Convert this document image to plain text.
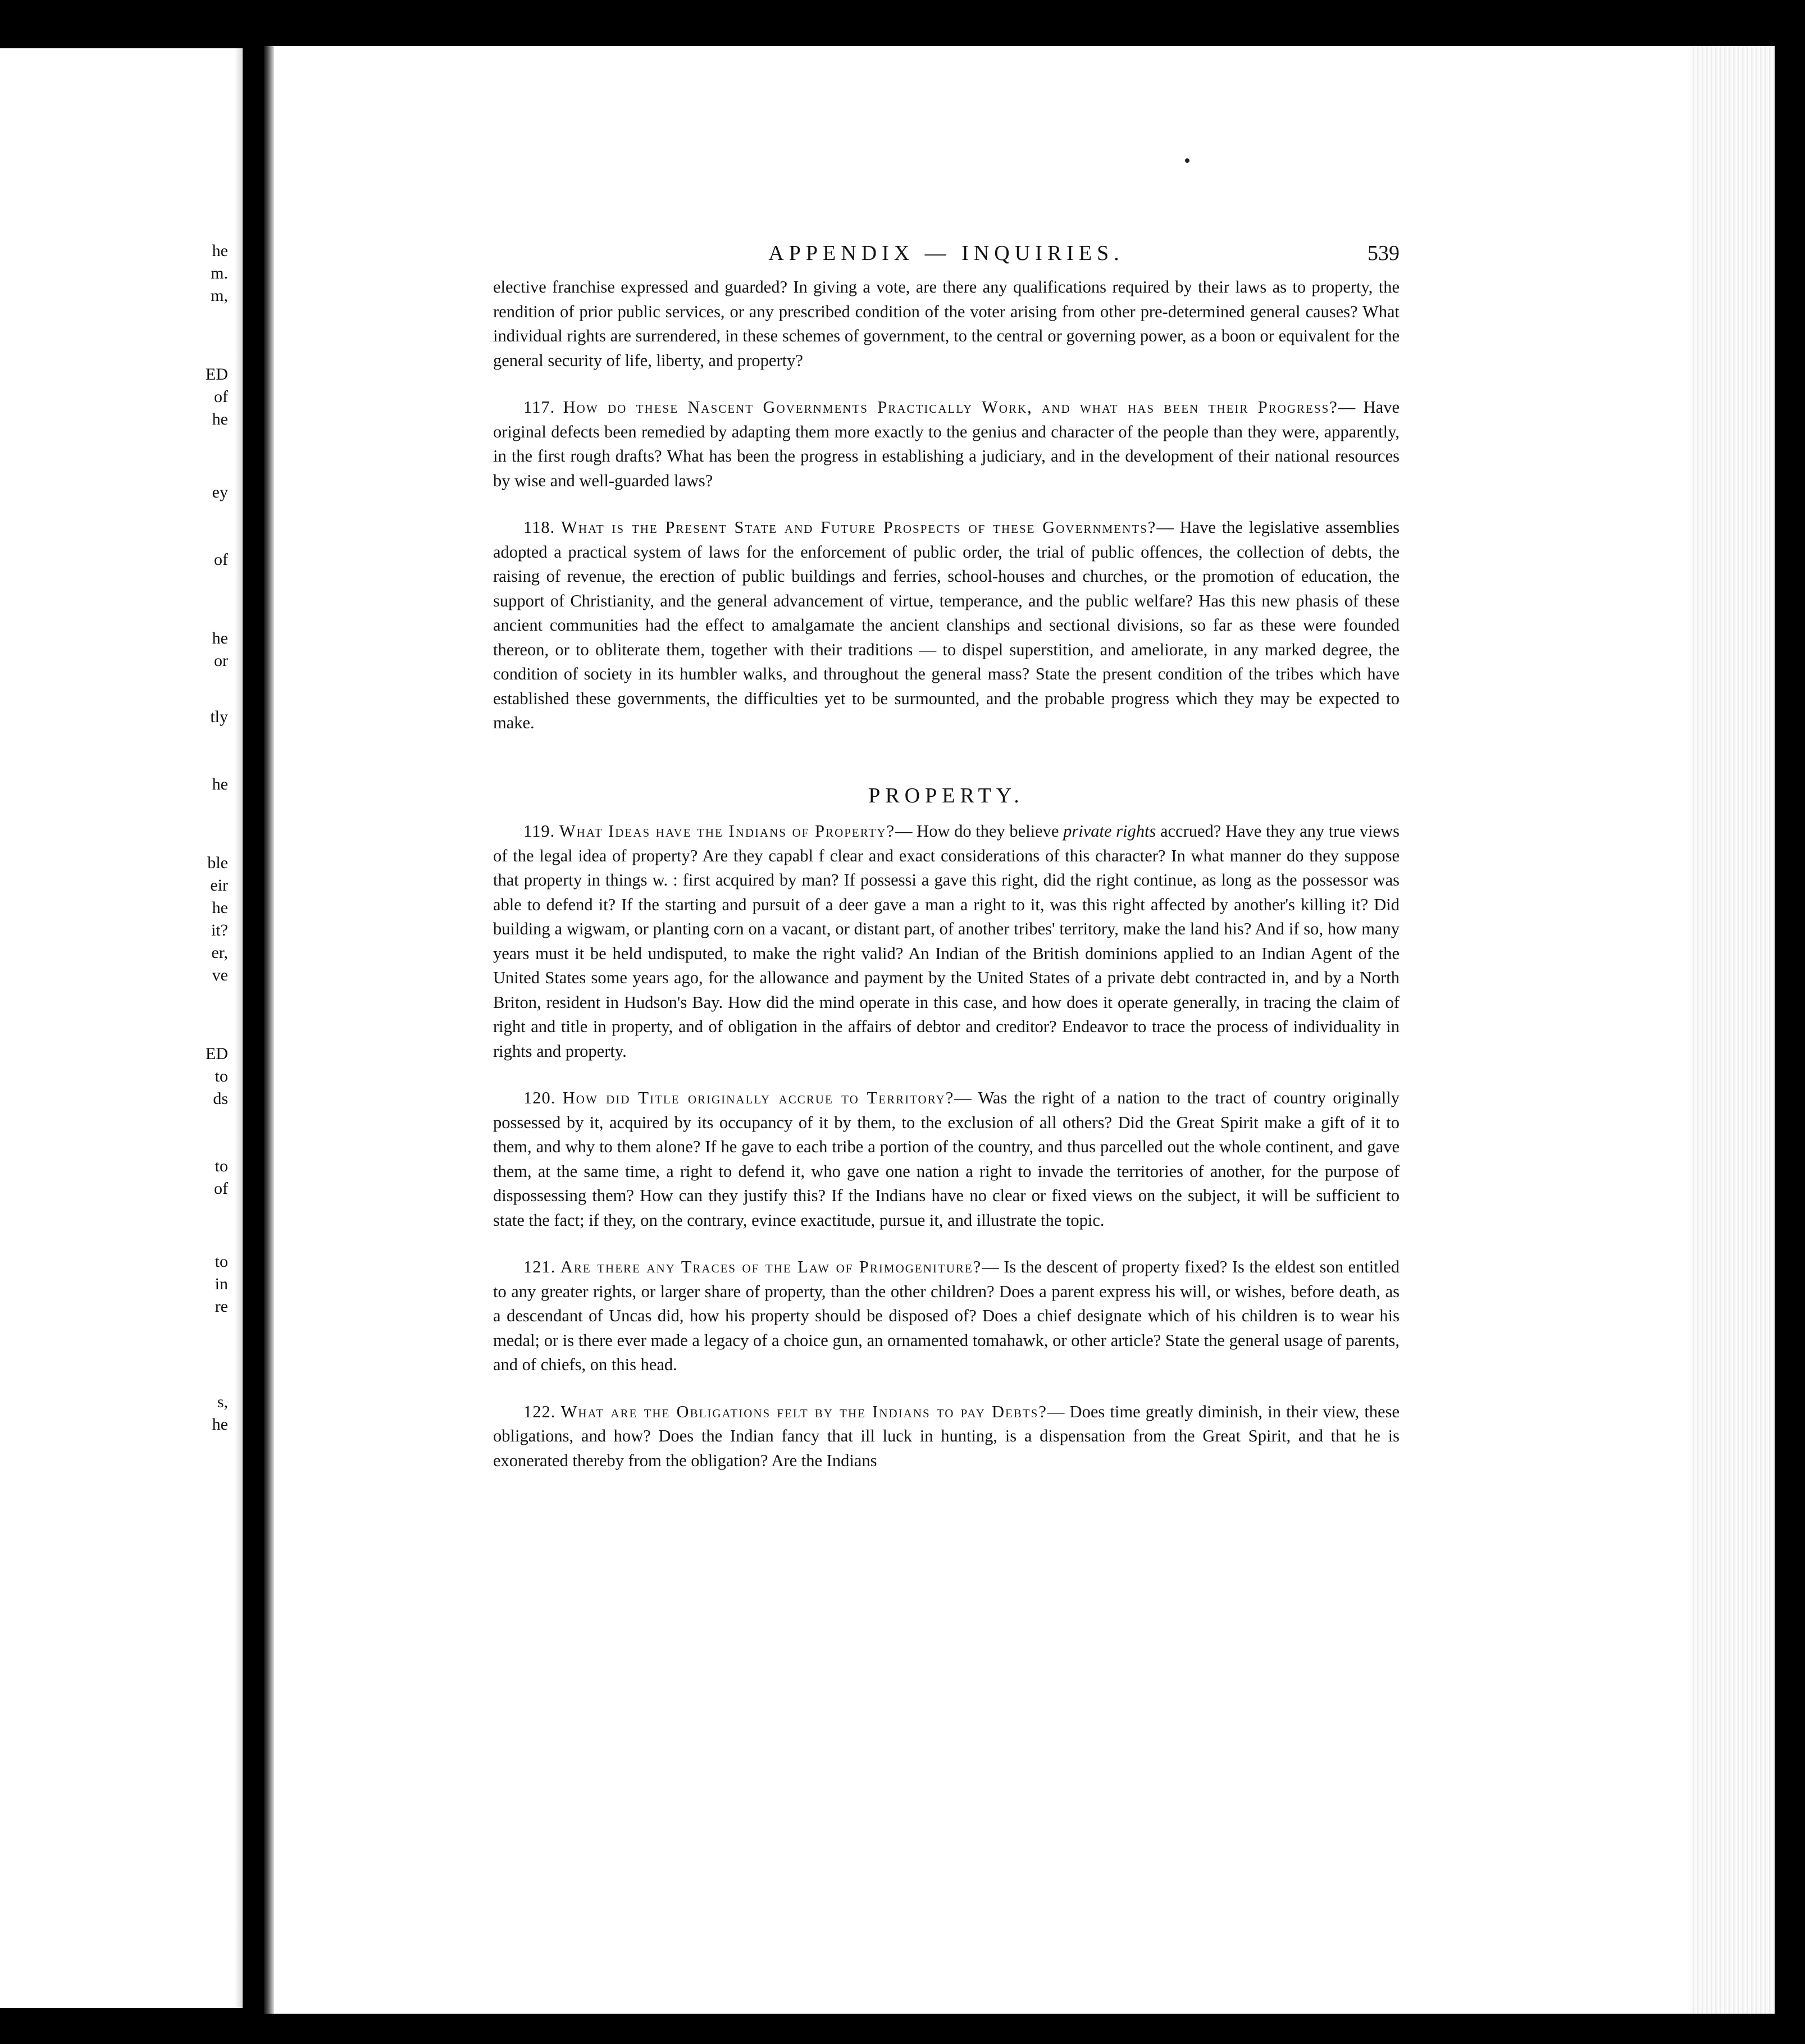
he
m.
m,
ED
of
he
ey
of
he
or
tly
he
ble
eir
he
it?
er,
ve
ED
to
ds
to
of
to
in
re
s,
he
APPENDIX — INQUIRIES.	539

elective franchise expressed and guarded? In giving a vote, are there any qualifications required by their laws as to property, the rendition of prior public services, or any prescribed condition of the voter arising from other pre-determined general causes? What individual rights are surrendered, in these schemes of government, to the central or governing power, as a boon or equivalent for the general security of life, liberty, and property?

117. How do these Nascent Governments Practically Work, and what has been their Progress?— Have original defects been remedied by adapting them more exactly to the genius and character of the people than they were, apparently, in the first rough drafts? What has been the progress in establishing a judiciary, and in the development of their national resources by wise and well-guarded laws?

118. What is the Present State and Future Prospects of these Governments?— Have the legislative assemblies adopted a practical system of laws for the enforcement of public order, the trial of public offences, the collection of debts, the raising of revenue, the erection of public buildings and ferries, school-houses and churches, or the promotion of education, the support of Christianity, and the general advancement of virtue, temperance, and the public welfare? Has this new phasis of these ancient communities had the effect to amalgamate the ancient clanships and sectional divisions, so far as these were founded thereon, or to obliterate them, together with their traditions — to dispel superstition, and ameliorate, in any marked degree, the condition of society in its humbler walks, and throughout the general mass? State the present condition of the tribes which have established these governments, the difficulties yet to be surmounted, and the probable progress which they may be expected to make.

PROPERTY.

119. What Ideas have the Indians of Property?— How do they believe private rights accrued? Have they any true views of the legal idea of property? Are they capabl f clear and exact considerations of this character? In what manner do they suppose that property in things w. : first acquired by man? If possessi a gave this right, did the right continue, as long as the possessor was able to defend it? If the starting and pursuit of a deer gave a man a right to it, was this right affected by another's killing it? Did building a wigwam, or planting corn on a vacant, or distant part, of another tribes' territory, make the land his? And if so, how many years must it be held undisputed, to make the right valid? An Indian of the British dominions applied to an Indian Agent of the United States some years ago, for the allowance and payment by the United States of a private debt contracted in, and by a North Briton, resident in Hudson's Bay. How did the mind operate in this case, and how does it operate generally, in tracing the claim of right and title in property, and of obligation in the affairs of debtor and creditor? Endeavor to trace the process of individuality in rights and property.

120. How did Title originally accrue to Territory?— Was the right of a nation to the tract of country originally possessed by it, acquired by its occupancy of it by them, to the exclusion of all others? Did the Great Spirit make a gift of it to them, and why to them alone? If he gave to each tribe a portion of the country, and thus parcelled out the whole continent, and gave them, at the same time, a right to defend it, who gave one nation a right to invade the territories of another, for the purpose of dispossessing them? How can they justify this? If the Indians have no clear or fixed views on the subject, it will be sufficient to state the fact; if they, on the contrary, evince exactitude, pursue it, and illustrate the topic.

121. Are there any Traces of the Law of Primogeniture?— Is the descent of property fixed? Is the eldest son entitled to any greater rights, or larger share of property, than the other children? Does a parent express his will, or wishes, before death, as a descendant of Uncas did, how his property should be disposed of? Does a chief designate which of his children is to wear his medal; or is there ever made a legacy of a choice gun, an ornamented tomahawk, or other article? State the general usage of parents, and of chiefs, on this head.

122. What are the Obligations felt by the Indians to pay Debts?— Does time greatly diminish, in their view, these obligations, and how? Does the Indian fancy that ill luck in hunting, is a dispensation from the Great Spirit, and that he is exonerated thereby from the obligation? Are the Indians
